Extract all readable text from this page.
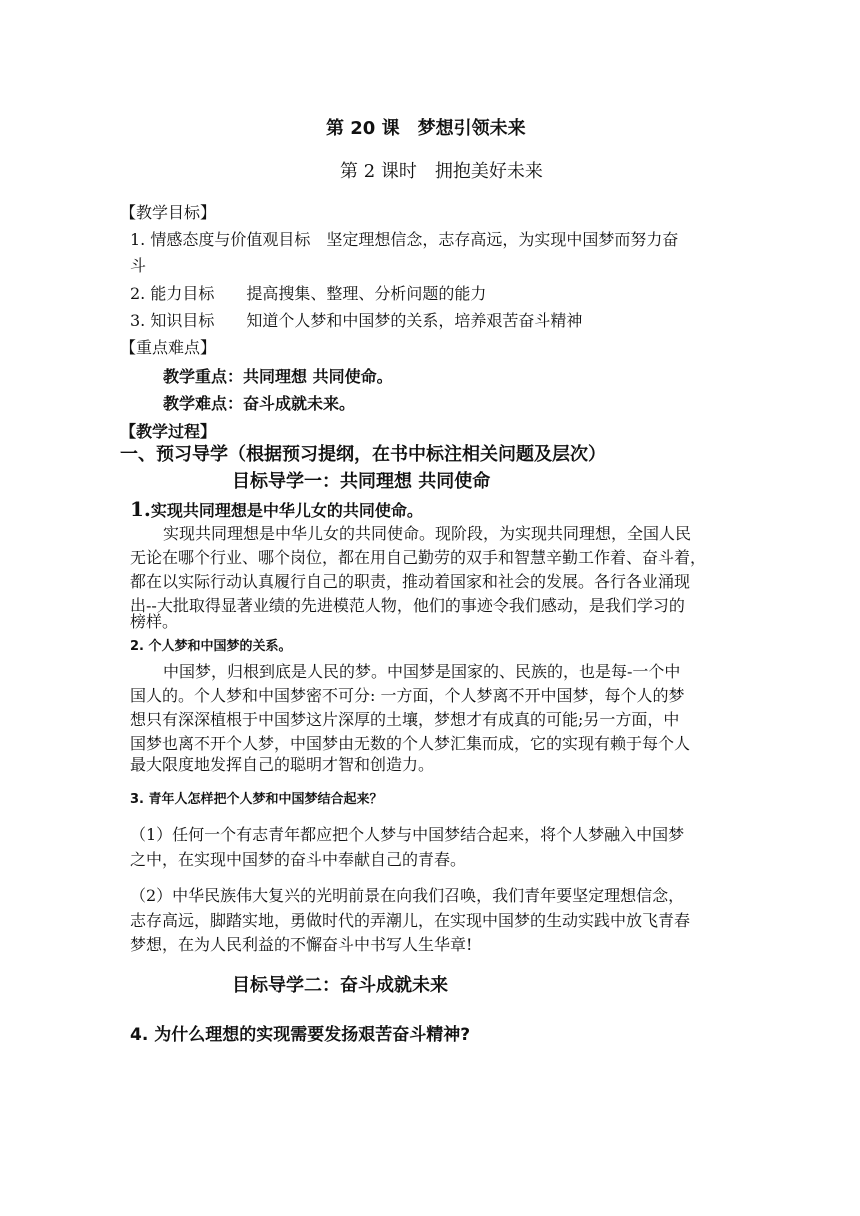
第 20 课　梦想引领未来
第 2 课时　拥抱美好未来
【教学目标】
1. 情感态度与价值观目标　坚定理想信念，志存高远，为实现中国梦而努力奋
斗
2. 能力目标　　提高搜集、整理、分析问题的能力
3. 知识目标　　知道个人梦和中国梦的关系，培养艰苦奋斗精神
【重点难点】
教学重点：共同理想 共同使命。
教学难点：奋斗成就未来。
【教学过程】
一、预习导学（根据预习提纲，在书中标注相关问题及层次）
目标导学一：共同理想 共同使命
1.实现共同理想是中华儿女的共同使命。
实现共同理想是中华儿女的共同使命。现阶段，为实现共同理想，全国人民
无论在哪个行业、哪个岗位，都在用自己勤劳的双手和智慧辛勤工作着、奋斗着，
都在以实际行动认真履行自己的职责，推动着国家和社会的发展。各行各业涌现
出--大批取得显著业绩的先进模范人物，他们的事迹令我们感动，是我们学习的
榜样。
2. 个人梦和中国梦的关系。
中国梦，归根到底是人民的梦。中国梦是国家的、民族的，也是每-一个中
国人的。个人梦和中国梦密不可分: 一方面，个人梦离不开中国梦，每个人的梦
想只有深深植根于中国梦这片深厚的土壤，梦想才有成真的可能;另一方面，中
国梦也离不开个人梦，中国梦由无数的个人梦汇集而成，它的实现有赖于每个人
最大限度地发挥自己的聪明才智和创造力。
3. 青年人怎样把个人梦和中国梦结合起来？
（1）任何一个有志青年都应把个人梦与中国梦结合起来，将个人梦融入中国梦
之中，在实现中国梦的奋斗中奉献自己的青春。
（2）中华民族伟大复兴的光明前景在向我们召唤，我们青年要坚定理想信念，
志存高远，脚踏实地，勇做时代的弄潮儿，在实现中国梦的生动实践中放飞青春
梦想，在为人民利益的不懈奋斗中书写人生华章!
目标导学二：奋斗成就未来
4. 为什么理想的实现需要发扬艰苦奋斗精神?
